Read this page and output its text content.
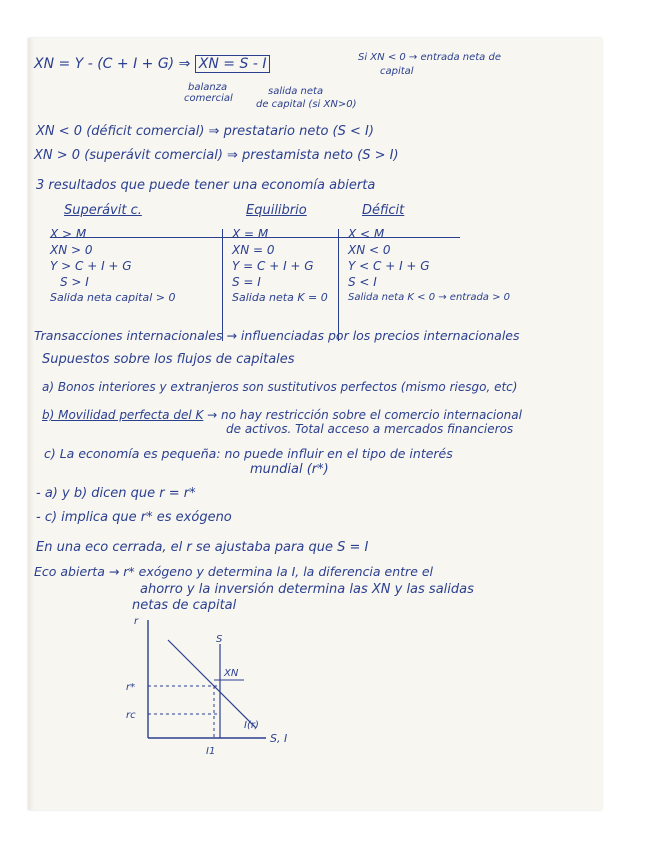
XN = Y - (C + I + G) ⇒ XN = S - I	Si XN < 0 → entrada neta de
capital
balanza
comercial
salida neta
de capital (si XN>0)
XN < 0 (déficit comercial) ⇒ prestatario neto (S < I)
XN > 0 (superávit comercial) ⇒ prestamista neto (S > I)
3 resultados que puede tener una economía abierta
Superávit c.
X > M
XN > 0
Y > C + I + G
S > I
Salida neta capital > 0
Equilibrio
X = M
XN = 0
Y = C + I + G
S = I
Salida neta K = 0
Déficit
X < M
XN < 0
Y < C + I + G
S < I
Salida neta K < 0 → entrada > 0
Transacciones internacionales → influenciadas por los precios internacionales
Supuestos sobre los flujos de capitales
a) Bonos interiores y extranjeros son sustitutivos perfectos (mismo riesgo, etc)
b) Movilidad perfecta del K → no hay restricción sobre el comercio internacional
de activos. Total acceso a mercados financieros
c) La economía es pequeña: no puede influir en el tipo de interés
mundial (r*)
- a) y b) dicen que r = r*
- c) implica que r* es exógeno
En una eco cerrada, el r se ajustaba para que S = I
Eco abierta → r* exógeno y determina la I, la diferencia entre el
ahorro y la inversión determina las XN y las salidas
netas de capital
r
S
XN
r*
rc
I(r)
S, I
I1
